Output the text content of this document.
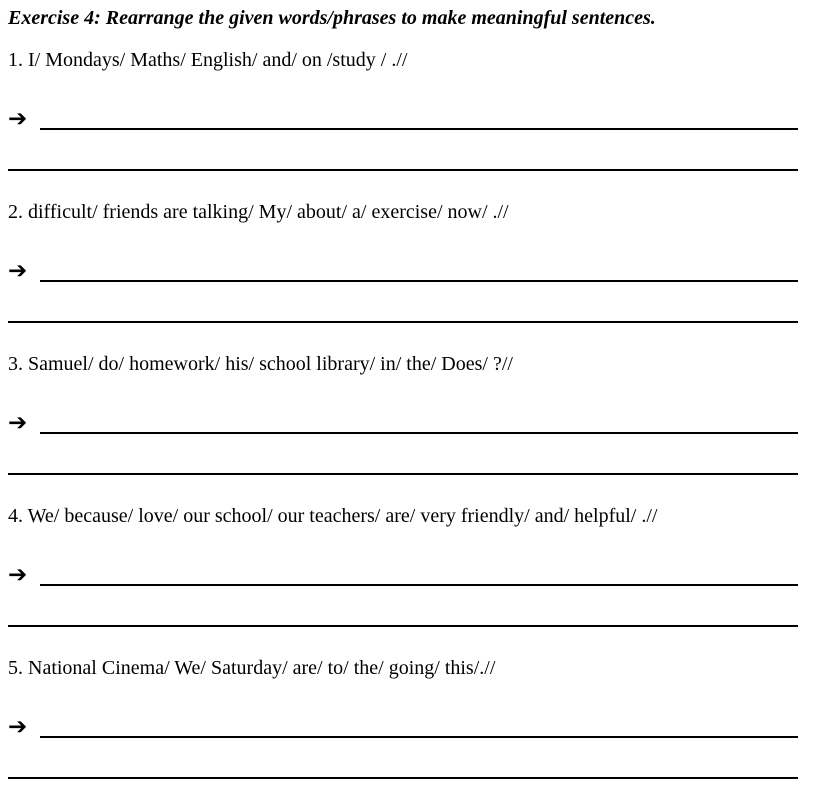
Exercise 4: Rearrange the given words/phrases to make meaningful sentences.

1. I/ Mondays/ Maths/ English/ and/ on /study / .//

➔

2. difficult/ friends are talking/ My/ about/ a/ exercise/ now/ .//

➔

3. Samuel/ do/ homework/ his/ school library/ in/ the/ Does/ ?//

➔

4. We/ because/ love/ our school/ our teachers/ are/ very friendly/ and/ helpful/ .//

➔

5. National Cinema/ We/ Saturday/ are/ to/ the/ going/ this/.//

➔
